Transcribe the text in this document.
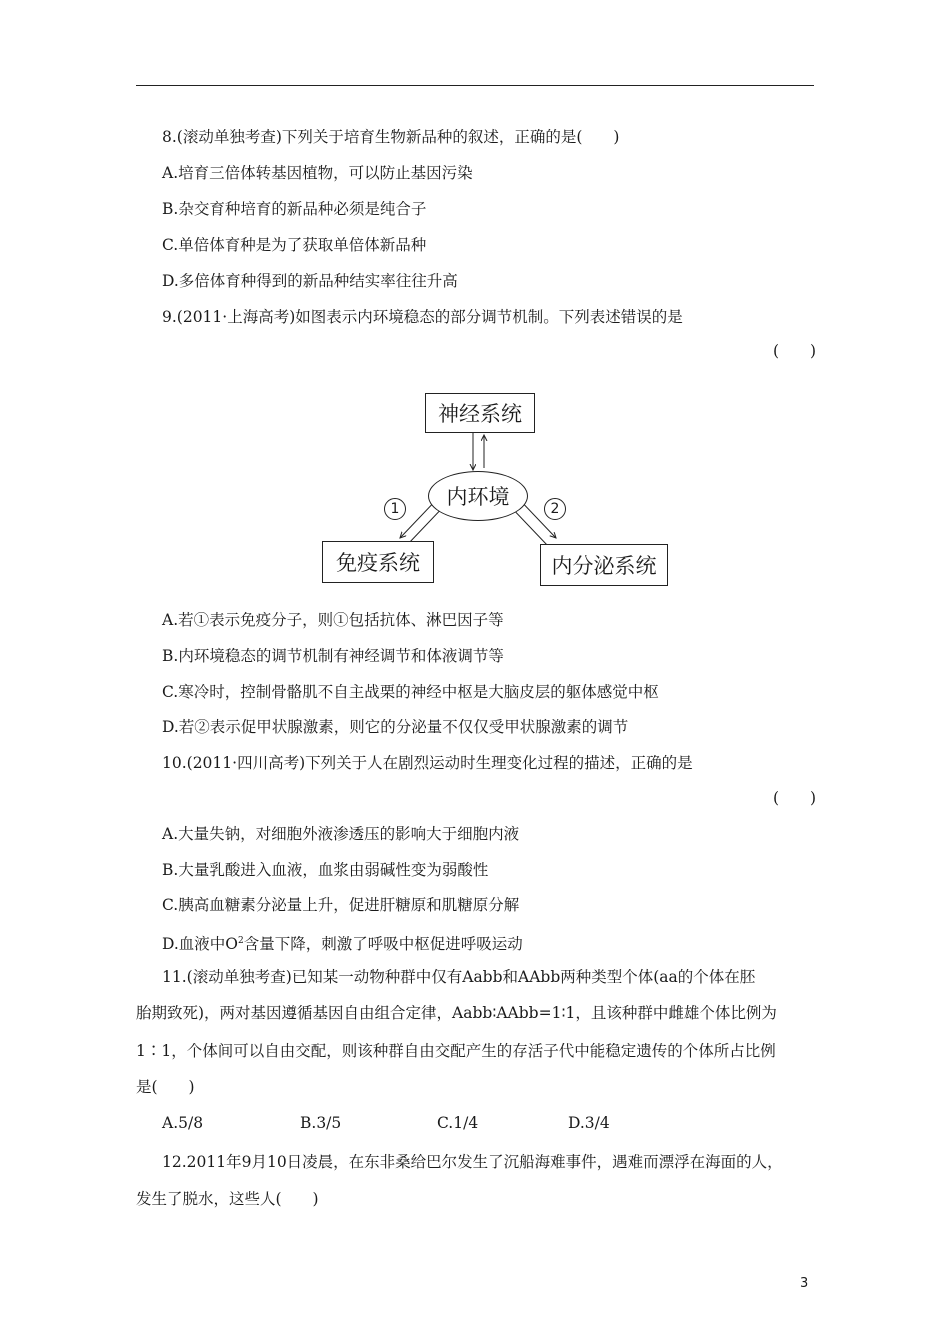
8.(滚动单独考查)下列关于培育生物新品种的叙述，正确的是(　　)
A.培育三倍体转基因植物，可以防止基因污染
B.杂交育种培育的新品种必须是纯合子
C.单倍体育种是为了获取单倍体新品种
D.多倍体育种得到的新品种结实率往往升高
9.(2011·上海高考)如图表示内环境稳态的部分调节机制。下列表述错误的是
(　　)
神经系统
内环境
1	2
免疫系统	内分泌系统
A.若①表示免疫分子，则①包括抗体、淋巴因子等
B.内环境稳态的调节机制有神经调节和体液调节等
C.寒冷时，控制骨骼肌不自主战栗的神经中枢是大脑皮层的躯体感觉中枢
D.若②表示促甲状腺激素，则它的分泌量不仅仅受甲状腺激素的调节
10.(2011·四川高考)下列关于人在剧烈运动时生理变化过程的描述，正确的是
(　　)
A.大量失钠，对细胞外液渗透压的影响大于细胞内液
B.大量乳酸进入血液，血浆由弱碱性变为弱酸性
C.胰高血糖素分泌量上升，促进肝糖原和肌糖原分解
D.血液中$O^2$含量下降，刺激了呼吸中枢促进呼吸运动
11.(滚动单独考查)已知某一动物种群中仅有Aabb和AAbb两种类型个体(aa的个体在胚
胎期致死)，两对基因遵循基因自由组合定律，Aabb∶AAbb=1∶1，且该种群中雌雄个体比例为
1∶1，个体间可以自由交配，则该种群自由交配产生的存活子代中能稳定遗传的个体所占比例
是(　　)
A.5/8	B.3/5	C.1/4	D.3/4
12.2011年9月10日凌晨，在东非桑给巴尔发生了沉船海难事件，遇难而漂浮在海面的人，
发生了脱水，这些人(　　)
3
